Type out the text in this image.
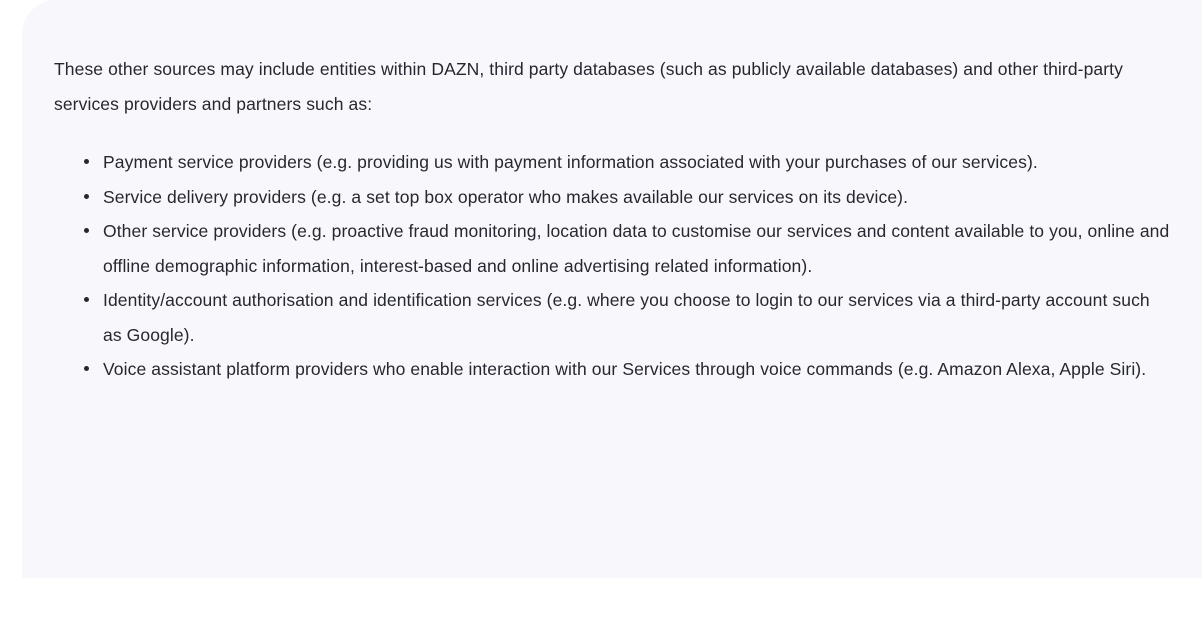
These other sources may include entities within DAZN, third party databases (such as publicly available databases) and other third-party services providers and partners such as:

Payment service providers (e.g. providing us with payment information associated with your purchases of our services).
Service delivery providers (e.g. a set top box operator who makes available our services on its device).
Other service providers (e.g. proactive fraud monitoring, location data to customise our services and content available to you, online and offline demographic information, interest-based and online advertising related information).
Identity/account authorisation and identification services (e.g. where you choose to login to our services via a third-party account such as Google).
Voice assistant platform providers who enable interaction with our Services through voice commands (e.g. Amazon Alexa, Apple Siri).
